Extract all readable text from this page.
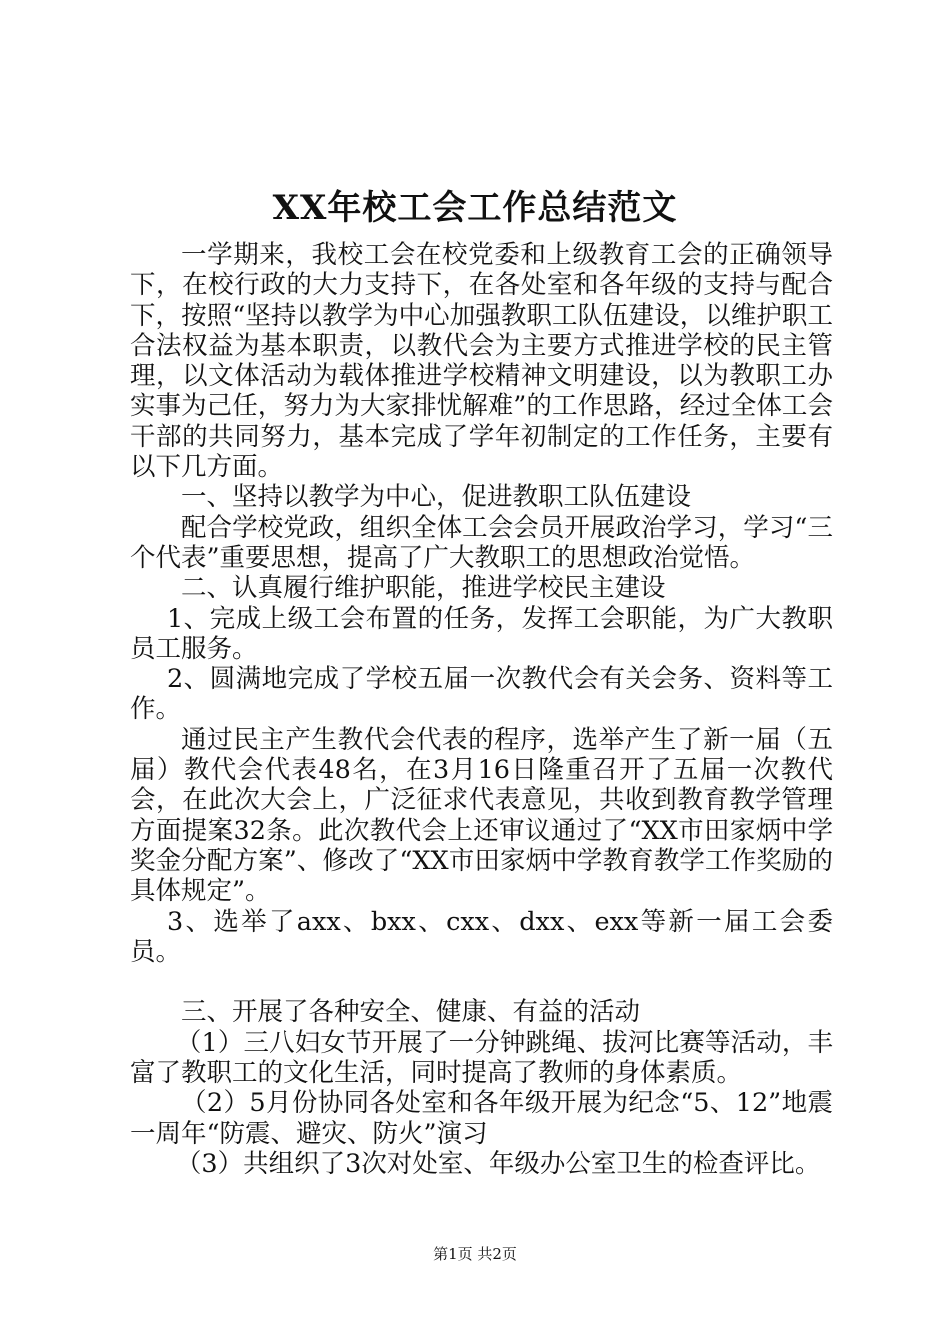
XX年校工会工作总结范文

一学期来，我校工会在校党委和上级教育工会的正确领导下，在校行政的大力支持下，在各处室和各年级的支持与配合下，按照“坚持以教学为中心加强教职工队伍建设，以维护职工合法权益为基本职责，以教代会为主要方式推进学校的民主管理，以文体活动为载体推进学校精神文明建设，以为教职工办实事为己任，努力为大家排忧解难”的工作思路，经过全体工会干部的共同努力，基本完成了学年初制定的工作任务，主要有以下几方面。

一、坚持以教学为中心，促进教职工队伍建设

配合学校党政，组织全体工会会员开展政治学习，学习“三个代表”重要思想，提高了广大教职工的思想政治觉悟。

二、认真履行维护职能，推进学校民主建设

1、完成上级工会布置的任务，发挥工会职能，为广大教职员工服务。

2、圆满地完成了学校五届一次教代会有关会务、资料等工作。

通过民主产生教代会代表的程序，选举产生了新一届（五届）教代会代表48名，在3月16日隆重召开了五届一次教代会，在此次大会上，广泛征求代表意见，共收到教育教学管理方面提案32条。此次教代会上还审议通过了“XX市田家炳中学奖金分配方案”、修改了“XX市田家炳中学教育教学工作奖励的具体规定”。

3、选举了axx、bxx、cxx、dxx、exx等新一届工会委员。

三、开展了各种安全、健康、有益的活动

（1）三八妇女节开展了一分钟跳绳、拔河比赛等活动，丰富了教职工的文化生活，同时提高了教师的身体素质。

（2）5月份协同各处室和各年级开展为纪念“5、12”地震一周年“防震、避灾、防火”演习

（3）共组织了3次对处室、年级办公室卫生的检查评比。

第1页 共2页
